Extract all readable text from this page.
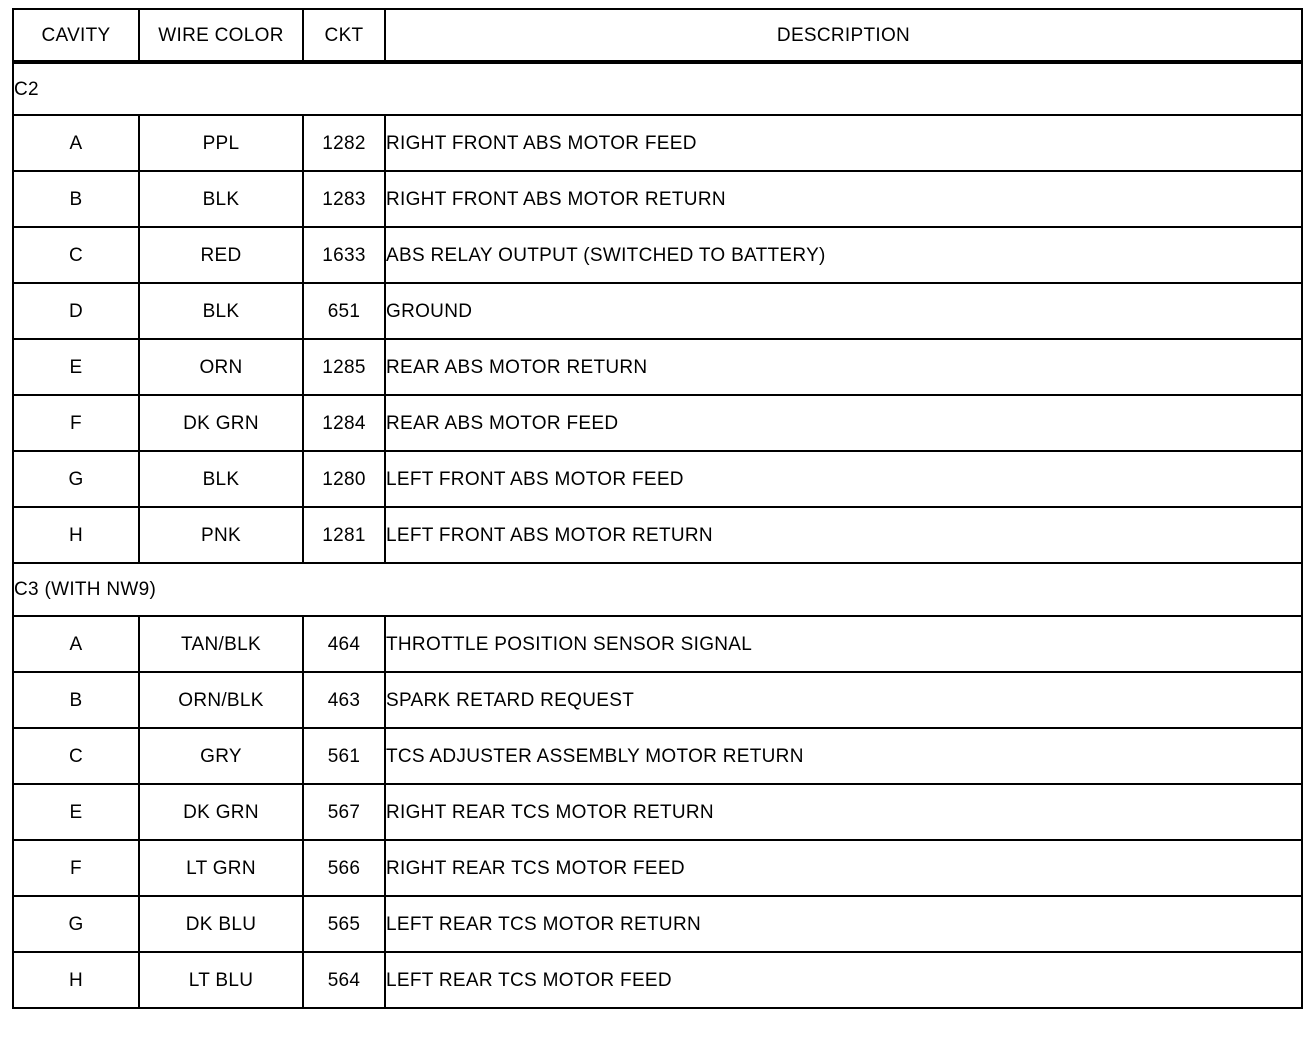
CAVITY	WIRE COLOR	CKT	DESCRIPTION
C2			
A	PPL	1282	RIGHT FRONT ABS MOTOR FEED
B	BLK	1283	RIGHT FRONT ABS MOTOR RETURN
C	RED	1633	ABS RELAY OUTPUT (SWITCHED TO BATTERY)
D	BLK	651	GROUND
E	ORN	1285	REAR ABS MOTOR RETURN
F	DK GRN	1284	REAR ABS MOTOR FEED
G	BLK	1280	LEFT FRONT ABS MOTOR FEED
H	PNK	1281	LEFT FRONT ABS MOTOR RETURN
C3 (WITH NW9)			
A	TAN/BLK	464	THROTTLE POSITION SENSOR SIGNAL
B	ORN/BLK	463	SPARK RETARD REQUEST
C	GRY	561	TCS ADJUSTER ASSEMBLY MOTOR RETURN
E	DK GRN	567	RIGHT REAR TCS MOTOR RETURN
F	LT GRN	566	RIGHT REAR TCS MOTOR FEED
G	DK BLU	565	LEFT REAR TCS MOTOR RETURN
H	LT BLU	564	LEFT REAR TCS MOTOR FEED
